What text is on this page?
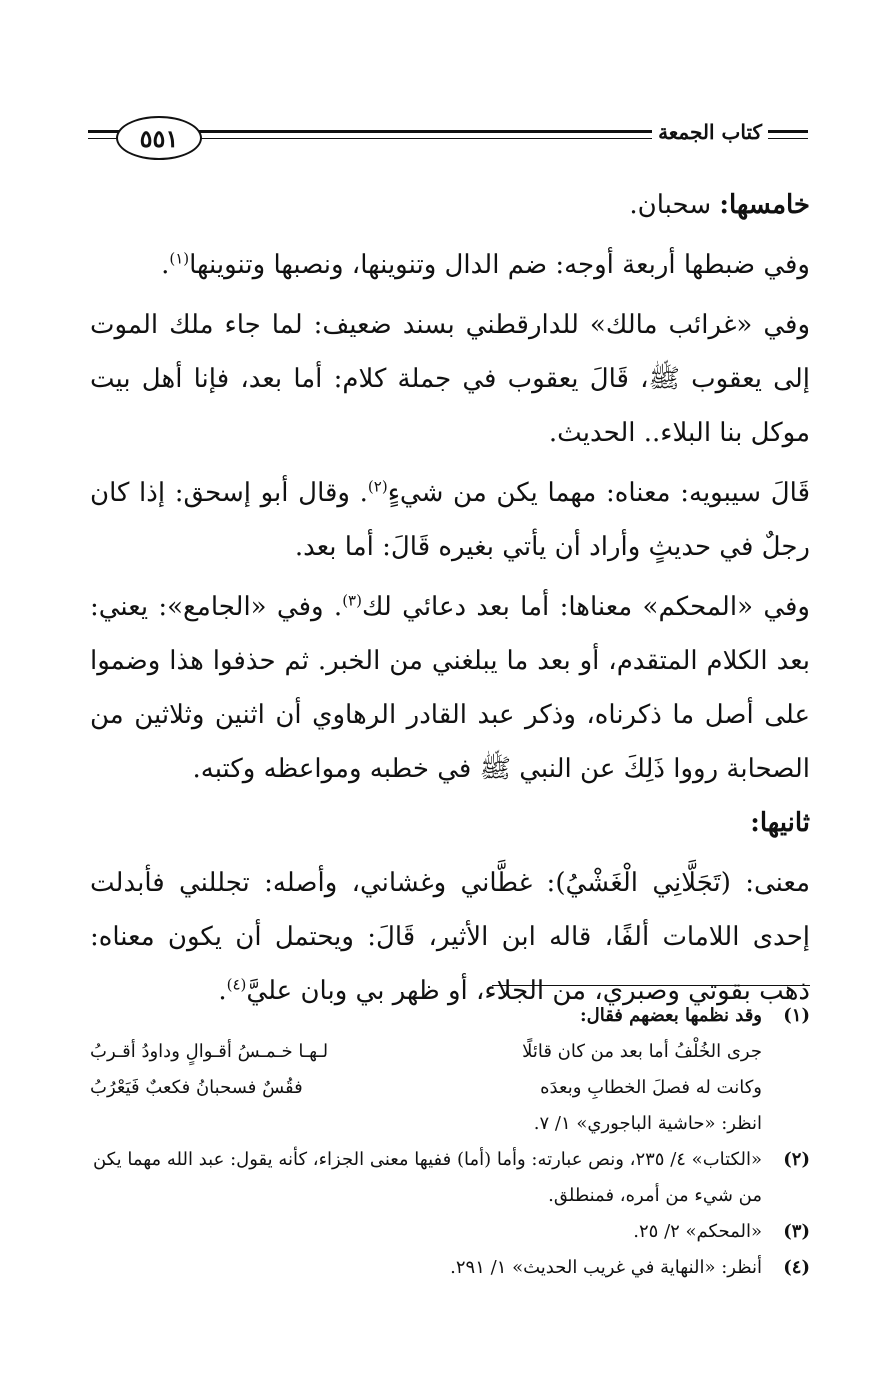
٥٥١	كتاب الجمعة

خامسها: سحبان.

وفي ضبطها أربعة أوجه: ضم الدال وتنوينها، ونصبها وتنوينها$^{(١)}$.

وفي «غرائب مالك» للدارقطني بسند ضعيف: لما جاء ملك الموت إلى يعقوب ﷺ، قَالَ يعقوب في جملة كلام: أما بعد، فإنا أهل بيت موكل بنا البلاء.. الحديث.

قَالَ سيبويه: معناه: مهما يكن من شيءٍ$^{(٢)}$. وقال أبو إسحق: إذا كان رجلٌ في حديثٍ وأراد أن يأتي بغيره قَالَ: أما بعد.

وفي «المحكم» معناها: أما بعد دعائي لك$^{(٣)}$. وفي «الجامع»: يعني: بعد الكلام المتقدم، أو بعد ما يبلغني من الخبر. ثم حذفوا هذا وضموا على أصل ما ذكرناه، وذكر عبد القادر الرهاوي أن اثنين وثلاثين من الصحابة رووا ذَلِكَ عن النبي ﷺ في خطبه ومواعظه وكتبه.

ثانيها:

معنى: (تَجَلَّانِي الْغَشْيُ): غطَّاني وغشاني، وأصله: تجللني فأبدلت إحدى اللامات ألفًا، قاله ابن الأثير، قَالَ: ويحتمل أن يكون معناه: ذهب بقوتي وصبري، من الجلاء، أو ظهر بي وبان عليَّ$^{(٤)}$.

(١)
وقد نظمها بعضهم فقال:
جرى الخُلْفُ أما بعد من كان قائلًا
لـهـا خـمـسُ أقـوالٍ وداودُ أقـربُ
وكانت له فصلَ الخطابِ وبعدَه
فقُسٌ فسحبانُ فكعبٌ فَيَعْرُبُ
انظر: «حاشية الباجوري» ١/ ٧.
(٢)
«الكتاب» ٤/ ٢٣٥، ونص عبارته: وأما (أما) ففيها معنى الجزاء، كأنه يقول: عبد الله مهما يكن من شيء من أمره، فمنطلق.
(٣)
«المحكم» ٢/ ٢٥.
(٤)
أنظر: «النهاية في غريب الحديث» ١/ ٢٩١.
